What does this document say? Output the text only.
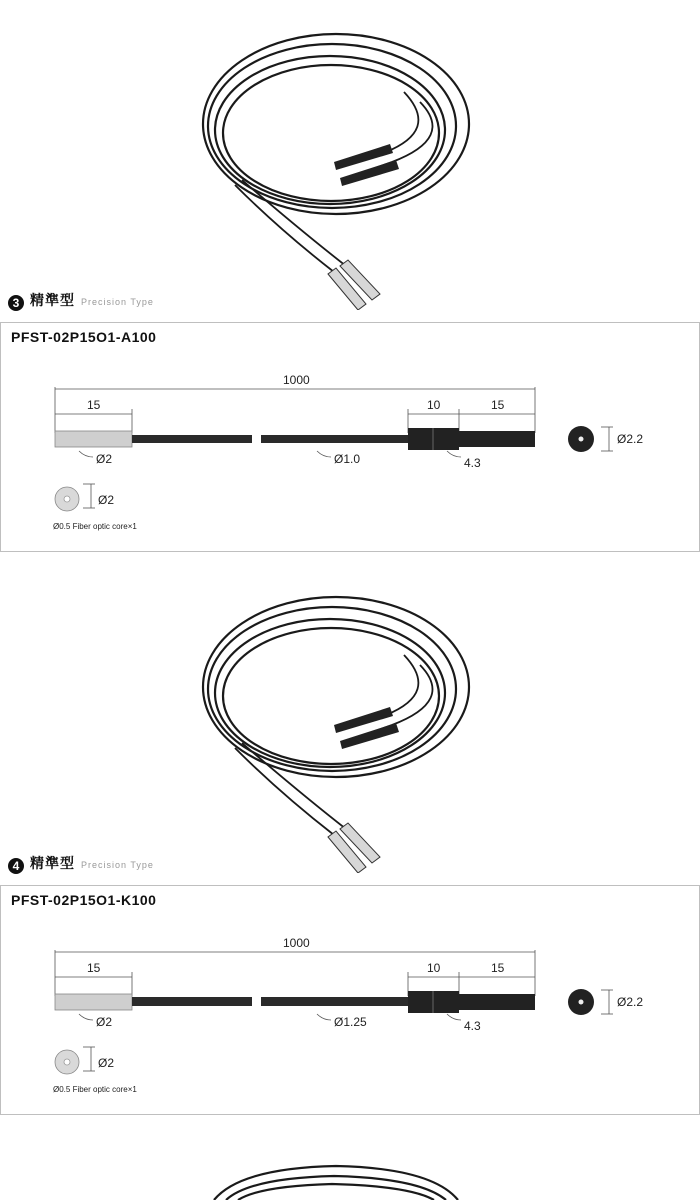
3 精準型 Precision Type
PFST-02P15O1-A100
1000
15	10	15
Ø2	Ø1.0	4.3
Ø2.2
Ø2
Ø0.5 Fiber optic core×1
4 精準型 Precision Type
PFST-02P15O1-K100
1000
15	10	15
Ø2	Ø1.25	4.3
Ø2.2
Ø2
Ø0.5 Fiber optic core×1
